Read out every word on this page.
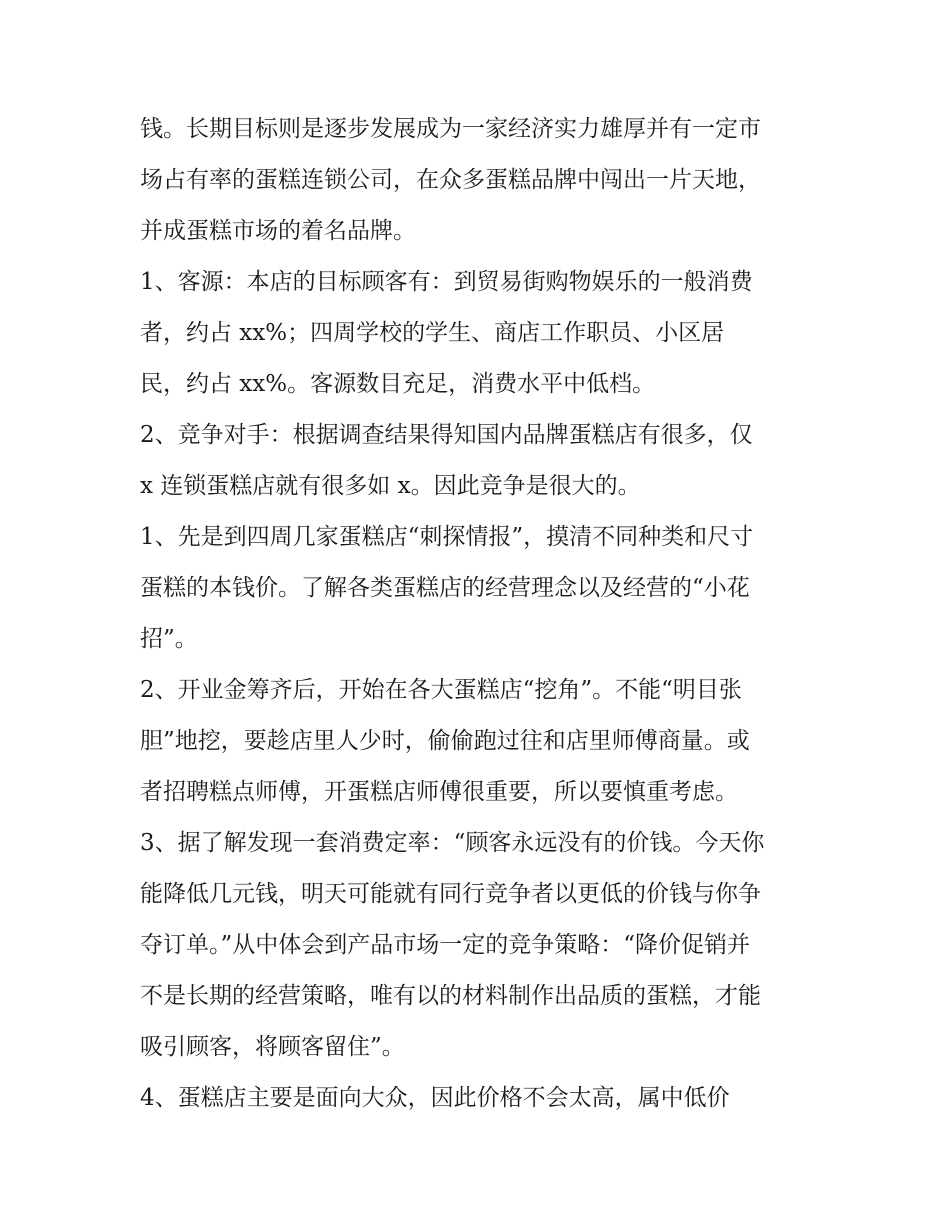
钱。长期目标则是逐步发展成为一家经济实力雄厚并有一定市
场占有率的蛋糕连锁公司，在众多蛋糕品牌中闯出一片天地，
并成蛋糕市场的着名品牌。
1、客源：本店的目标顾客有：到贸易街购物娱乐的一般消费
者，约占 xx%；四周学校的学生、商店工作职员、小区居
民，约占 xx%。客源数目充足，消费水平中低档。
2、竞争对手：根据调查结果得知国内品牌蛋糕店有很多，仅
x 连锁蛋糕店就有很多如 x。因此竞争是很大的。
1、先是到四周几家蛋糕店“刺探情报”，摸清不同种类和尺寸
蛋糕的本钱价。了解各类蛋糕店的经营理念以及经营的“小花
招”。
2、开业金筹齐后，开始在各大蛋糕店“挖角”。不能“明目张
胆”地挖，要趁店里人少时，偷偷跑过往和店里师傅商量。或
者招聘糕点师傅，开蛋糕店师傅很重要，所以要慎重考虑。
3、据了解发现一套消费定率：“顾客永远没有的价钱。今天你
能降低几元钱，明天可能就有同行竞争者以更低的价钱与你争
夺订单。”从中体会到产品市场一定的竞争策略：“降价促销并
不是长期的经营策略，唯有以的材料制作出品质的蛋糕，才能
吸引顾客，将顾客留住”。
4、蛋糕店主要是面向大众，因此价格不会太高，属中低价
